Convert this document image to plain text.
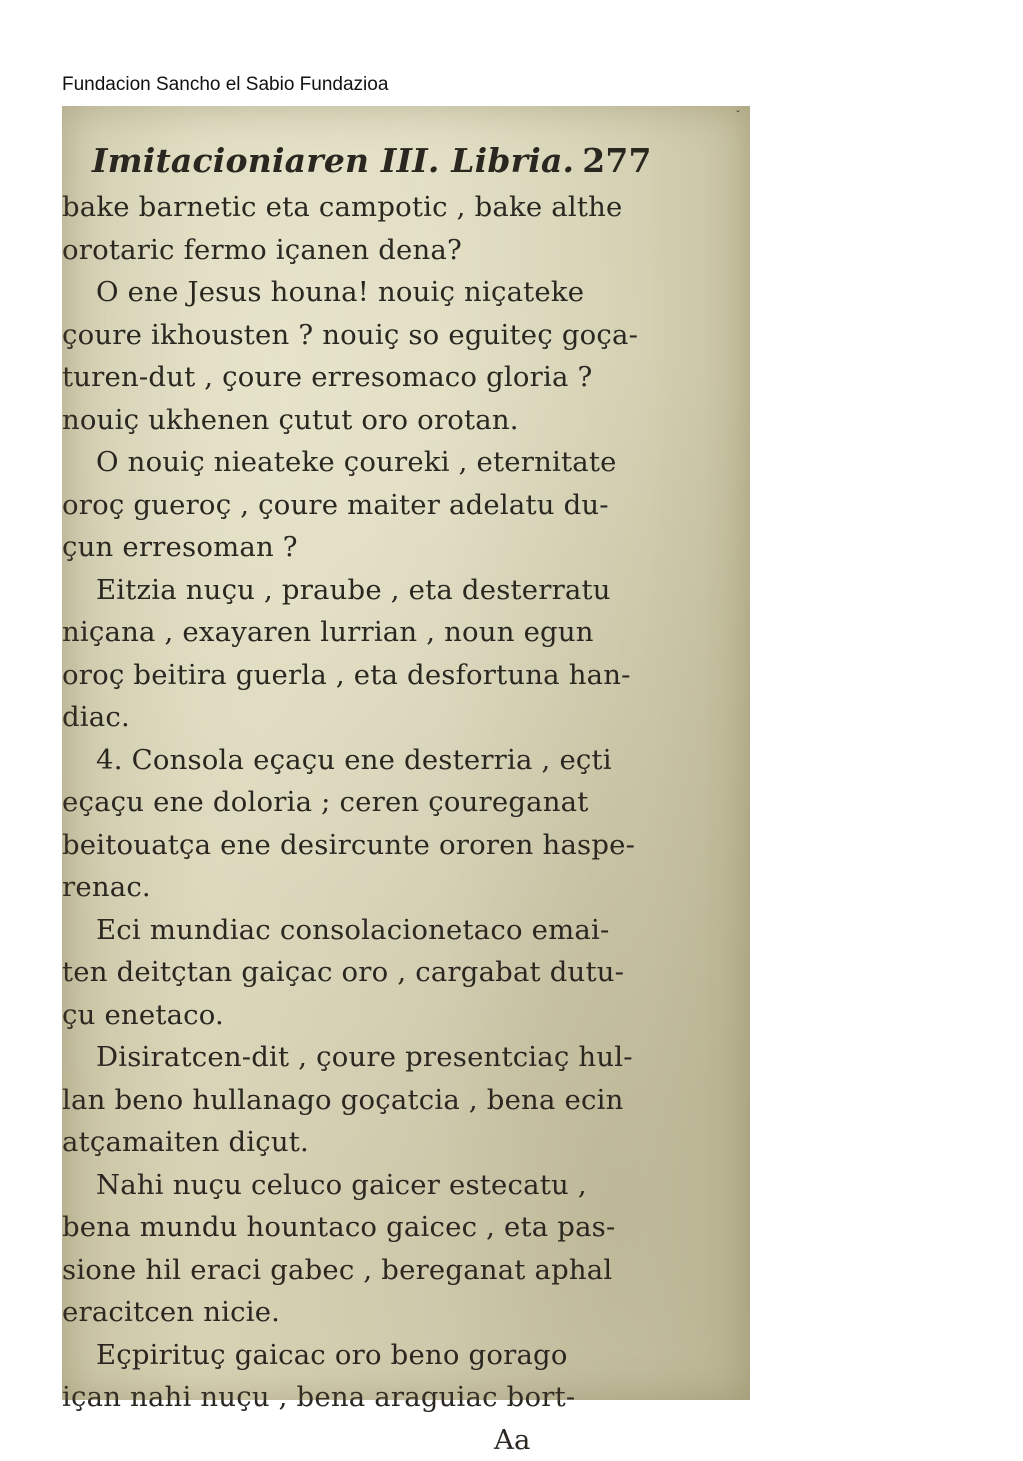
Fundacion Sancho el Sabio Fundazioa
ˇ
Imitacioniaren III. Libria. 277
bake barnetic eta campotic , bake althe
orotaric fermo içanen dena?
O ene Jesus houna! nouiç niçateke
çoure ikhousten ? nouiç so eguiteç goça-
turen-dut , çoure erresomaco gloria ?
nouiç ukhenen çutut oro orotan.
O nouiç nieateke çoureki , eternitate
oroç gueroç , çoure maiter adelatu du-
çun erresoman ?
Eitzia nuçu , praube , eta desterratu
niçana , exayaren lurrian , noun egun
oroç beitira guerla , eta desfortuna han-
diac.
4. Consola eçaçu ene desterria , eçti
eçaçu ene doloria ; ceren çoureganat
beitouatça ene desircunte ororen haspe-
renac.
Eci mundiac consolacionetaco emai-
ten deitçtan gaiçac oro , cargabat dutu-
çu enetaco.
Disiratcen-dit , çoure presentciaç hul-
lan beno hullanago goçatcia , bena ecin
atçamaiten diçut.
Nahi nuçu celuco gaicer estecatu ,
bena mundu hountaco gaicec , eta pas-
sione hil eraci gabec , bereganat aphal
eracitcen nicie.
Eçpirituç gaicac oro beno gorago
içan nahi nuçu , bena araguiac bort-
Aa
